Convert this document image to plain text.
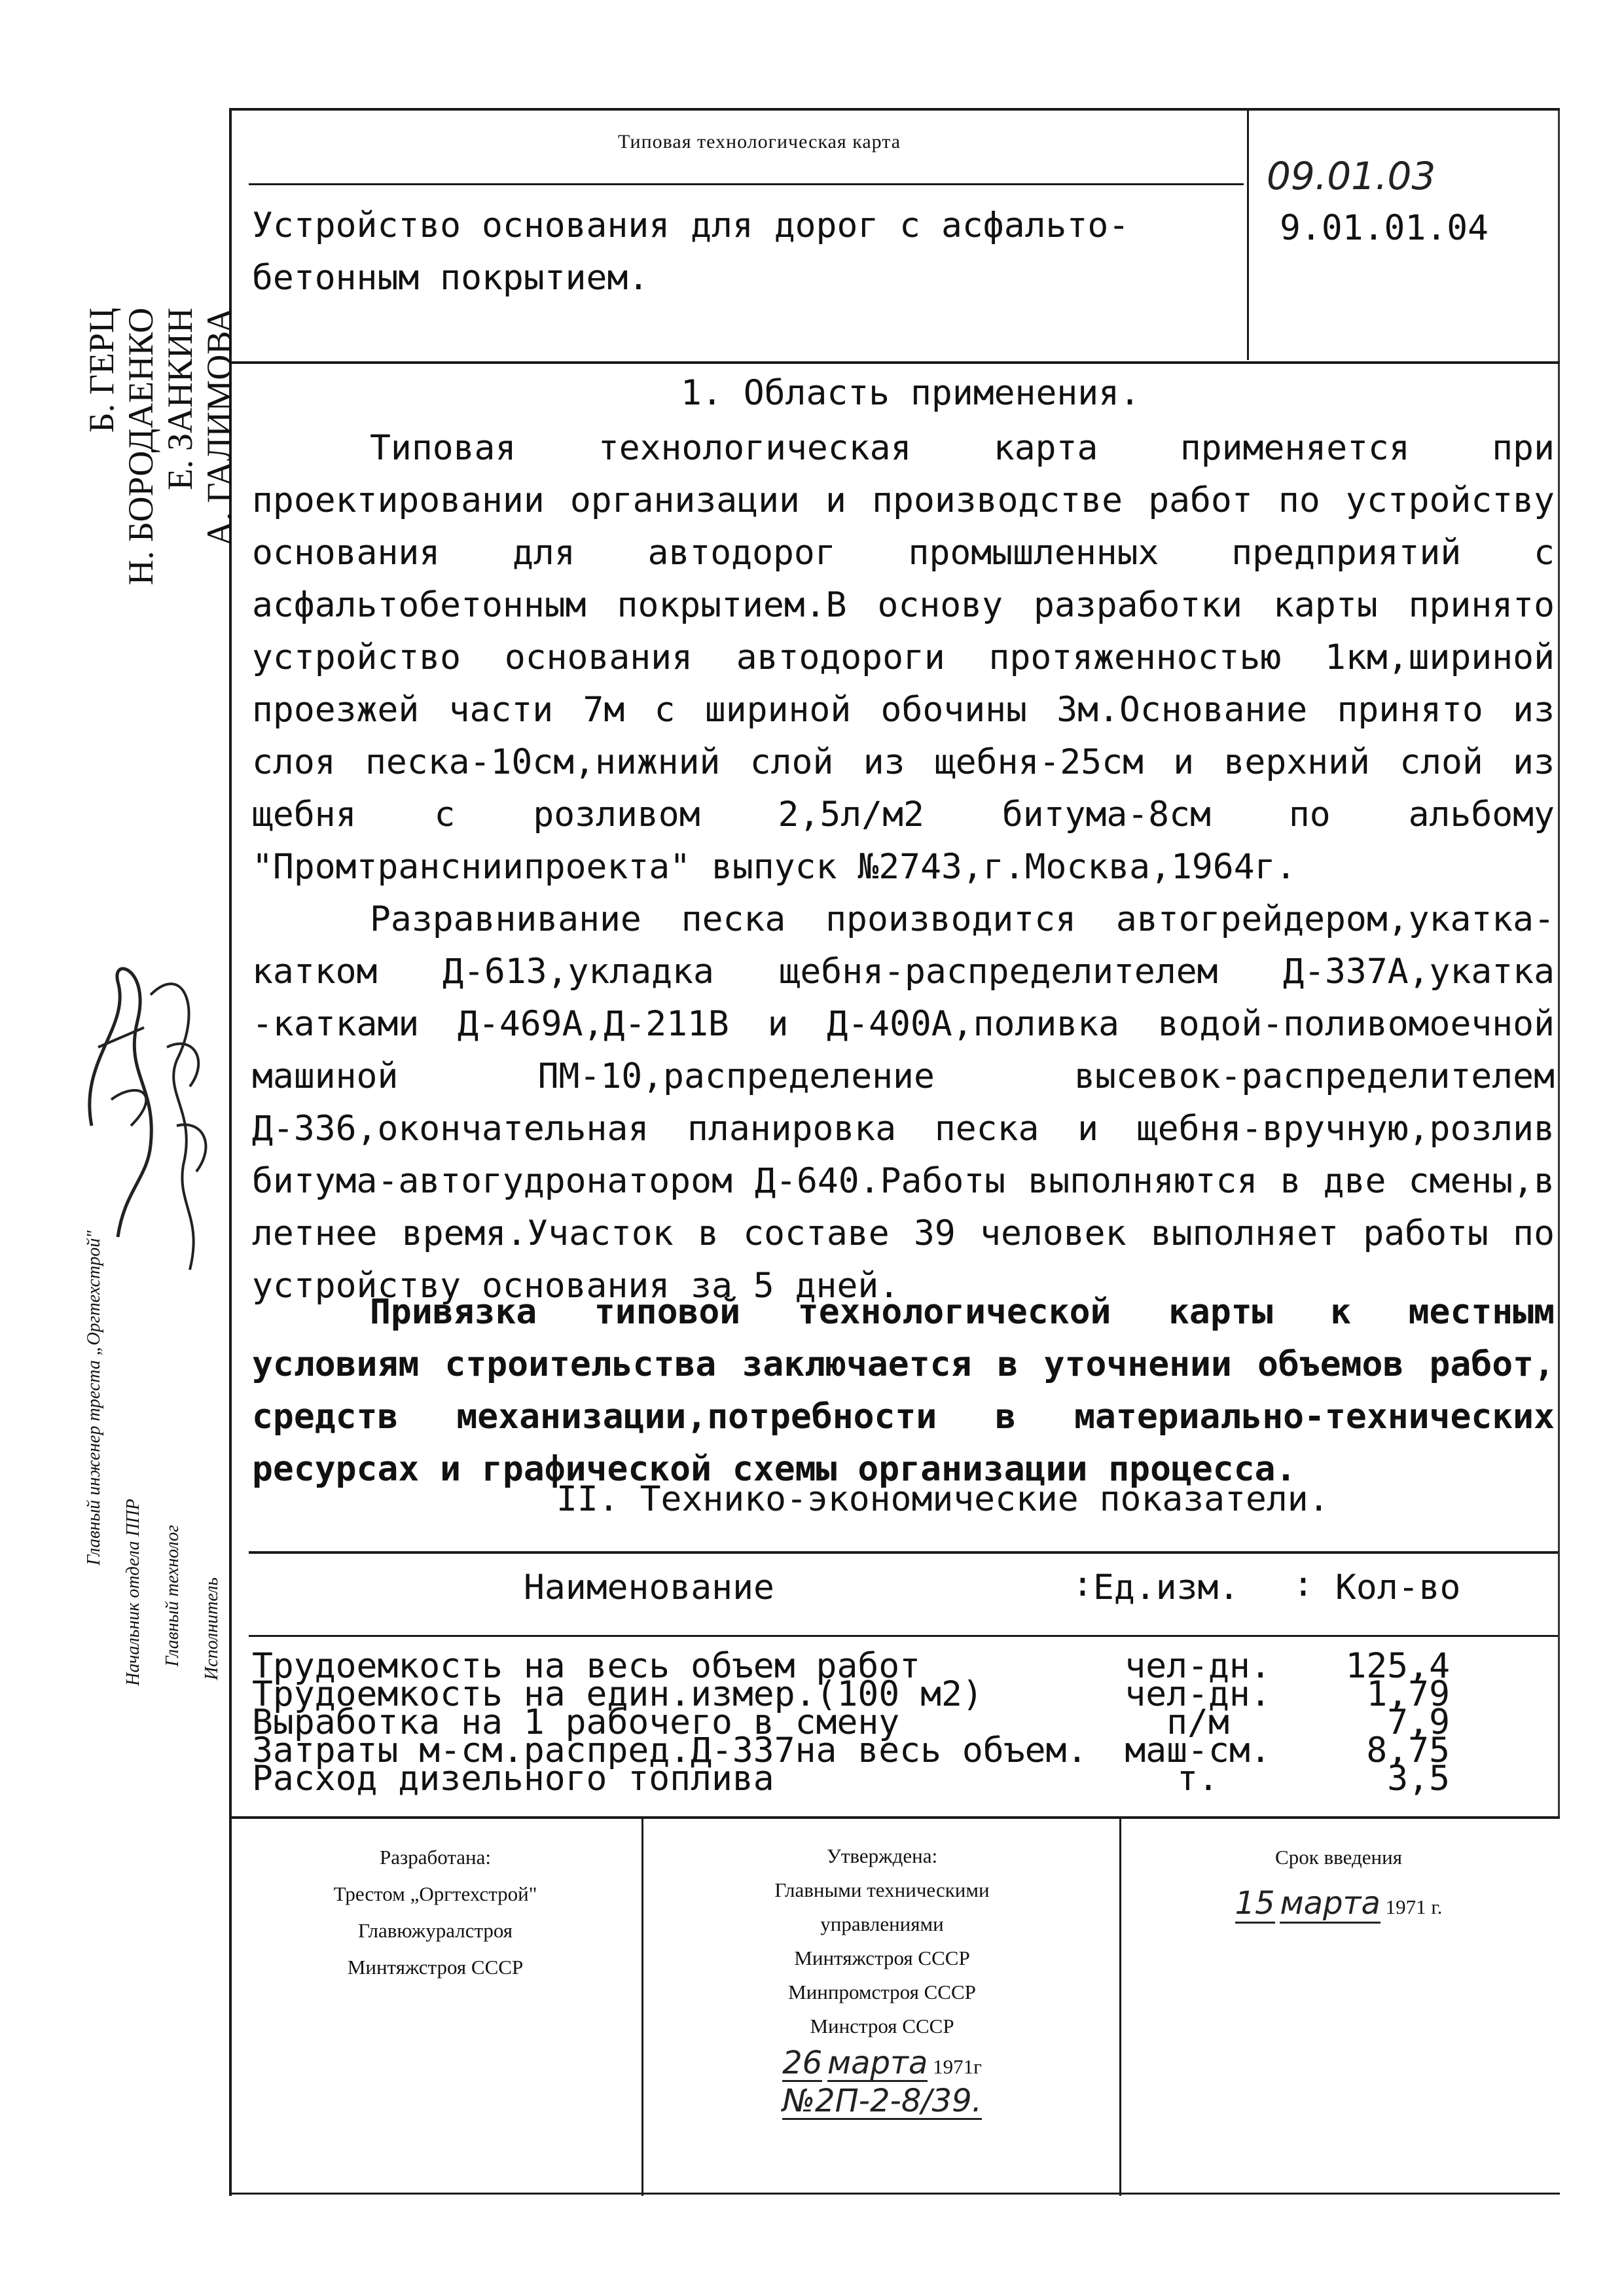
Типовая технологическая карта
Устройство основания для дорог с асфальто-
бетонным покрытием.
09.01.03
9.01.01.04
Б. ГЕРЦ Н. БОРОДАЕНКО Е. ЗАНКИН А. ГАЛИМОВА
Главный инженер треста „Оргтехстрой"
Начальник отдела ППР Главный технолог Исполнитель
1. Область применения.

Типовая технологическая карта применяется при проектировании организации и производстве работ по устройству основания для автодорог промышленных предприятий с асфальтобетонным покрытием.В основу разработки карты принято устройство основания автодороги протяженностью 1км,шириной проезжей части 7м с шириной обочины 3м.Основание принято из слоя песка-10см,нижний слой из щебня-25см и верхний слой из щебня с розливом 2,5л/м2 битума-8см по альбому "Промтрансниипроекта" выпуск №2743,г.Москва,1964г.

Разравнивание песка производится автогрейдером,укатка-катком Д-613,укладка щебня-распределителем Д-337А,укатка -катками Д-469А,Д-211В и Д-400А,поливка водой-поливомоечной машиной ПМ-10,распределение высевок-распределителем Д-336,окончательная планировка песка и щебня-вручную,розлив битума-автогудронатором Д-640.Работы выполняются в две смены,в летнее время.Участок в составе 39 человек выполняет работы по устройству основания за 5 дней.

Привязка типовой технологической карты к местным условиям строительства заключается в уточнении объемов работ, средств механизации,потребности в материально-технических ресурсах и графической схемы организации процесса.

II. Технико-экономические показатели.
Наименование	: Ед.изм. : Кол-во
Трудоемкость на весь объем работ	чел-дн.	125,4
Трудоемкость на един.измер.(100 м2)	чел-дн.	1,79
Выработка на 1 рабочего в смену	п/м	7,9
Затраты м-см.распред.Д-337на весь объем.	маш-см.	8,75
Расход дизельного топлива	т.	3,5
Разработана:
Трестом „Оргтехстрой"
Главюжуралстроя
Минтяжстроя СССР
Утверждена:
Главными техническими
управлениями
Минтяжстроя СССР
Минпромстроя СССР
Минстроя СССР
26 марта 1971г
№2П-2-8/39.
Срок введения
15 марта 1971 г.
